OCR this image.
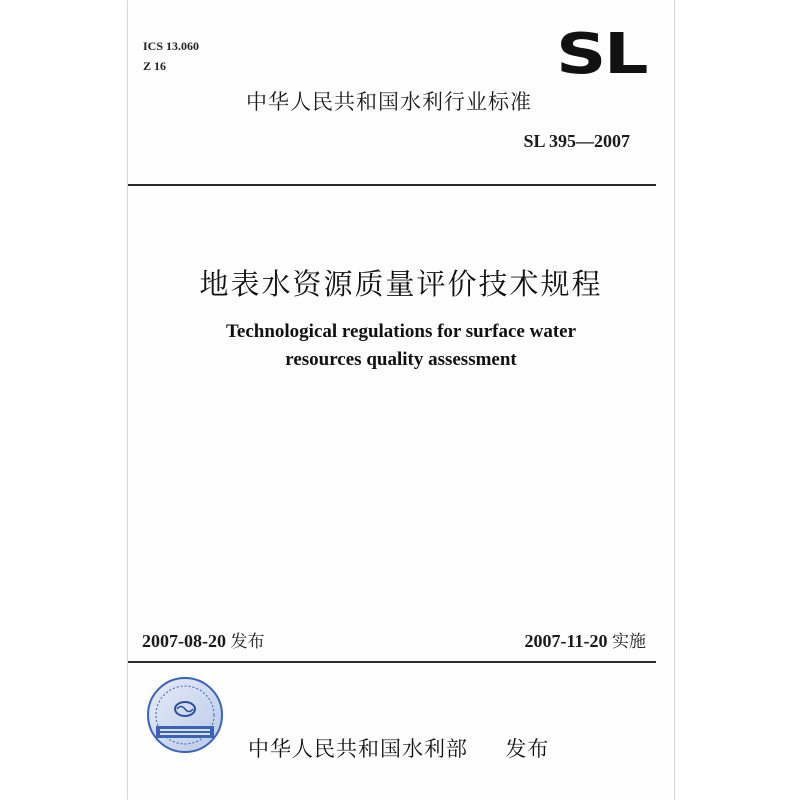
ICS 13.060
Z 16	SL
中华人民共和国水利行业标准
SL 395—2007
地表水资源质量评价技术规程
Technological regulations for surface water
resources quality assessment
2007-08-20 发布	2007-11-20 实施
中华人民共和国水利部 发布
